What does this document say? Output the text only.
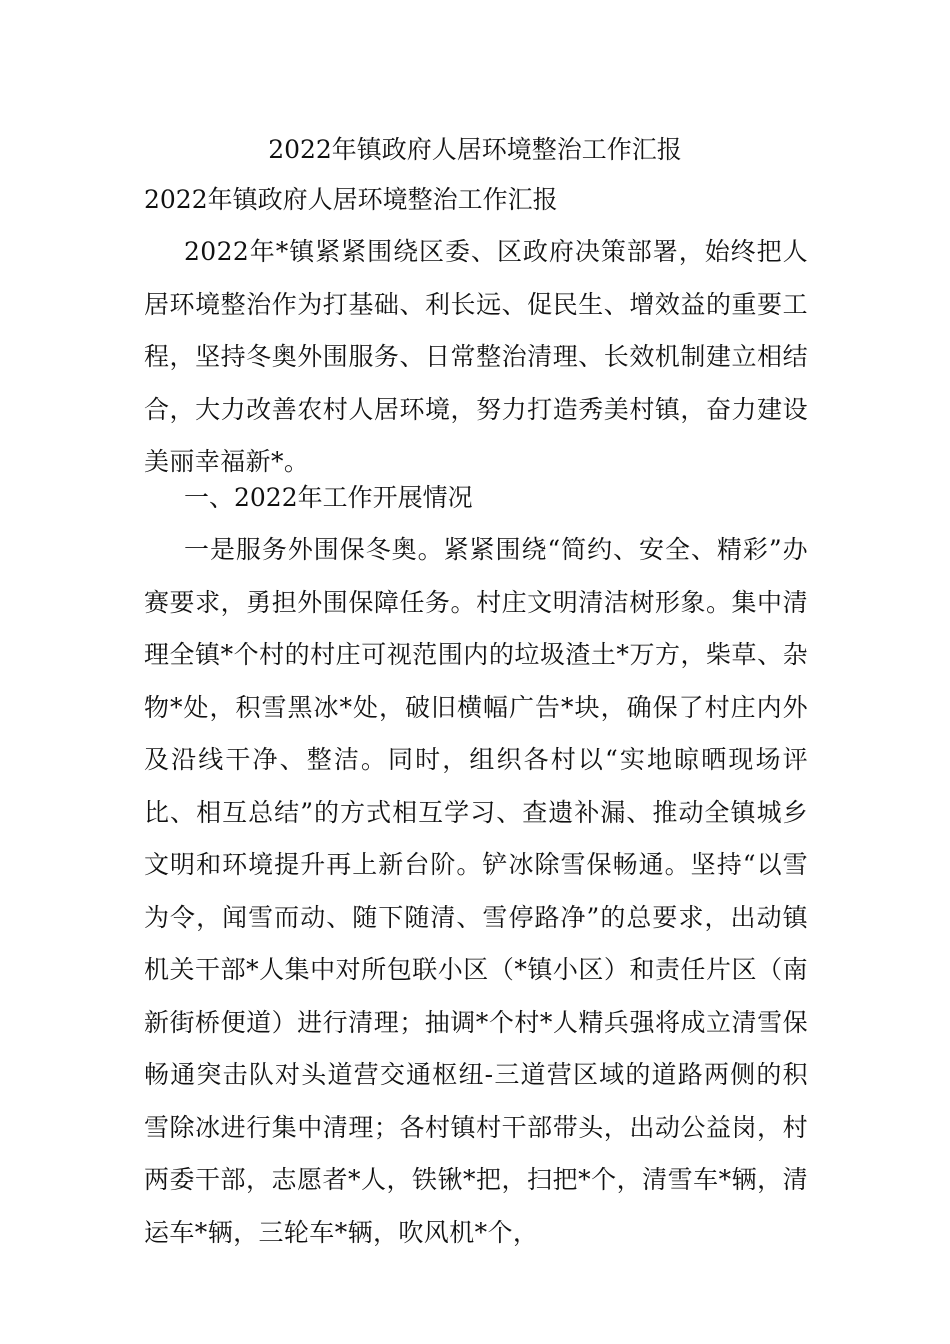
2022年镇政府人居环境整治工作汇报
2022年镇政府人居环境整治工作汇报

2022年*镇紧紧围绕区委、区政府决策部署，始终把人居环境整治作为打基础、利长远、促民生、增效益的重要工程，坚持冬奥外围服务、日常整治清理、长效机制建立相结合，大力改善农村人居环境，努力打造秀美村镇，奋力建设美丽幸福新*。

一、2022年工作开展情况

一是服务外围保冬奥。紧紧围绕“简约、安全、精彩”办赛要求，勇担外围保障任务。村庄文明清洁树形象。集中清理全镇*个村的村庄可视范围内的垃圾渣土*万方，柴草、杂物*处，积雪黑冰*处，破旧横幅广告*块，确保了村庄内外及沿线干净、整洁。同时，组织各村以“实地晾晒现场评比、相互总结”的方式相互学习、查遗补漏、推动全镇城乡文明和环境提升再上新台阶。铲冰除雪保畅通。坚持“以雪为令，闻雪而动、随下随清、雪停路净”的总要求，出动镇机关干部*人集中对所包联小区（*镇小区）和责任片区（南新街桥便道）进行清理；抽调*个村*人精兵强将成立清雪保畅通突击队对头道营交通枢纽-三道营区域的道路两侧的积雪除冰进行集中清理；各村镇村干部带头，出动公益岗，村两委干部，志愿者*人，铁锹*把，扫把*个，清雪车*辆，清运车*辆，三轮车*辆，吹风机*个，
